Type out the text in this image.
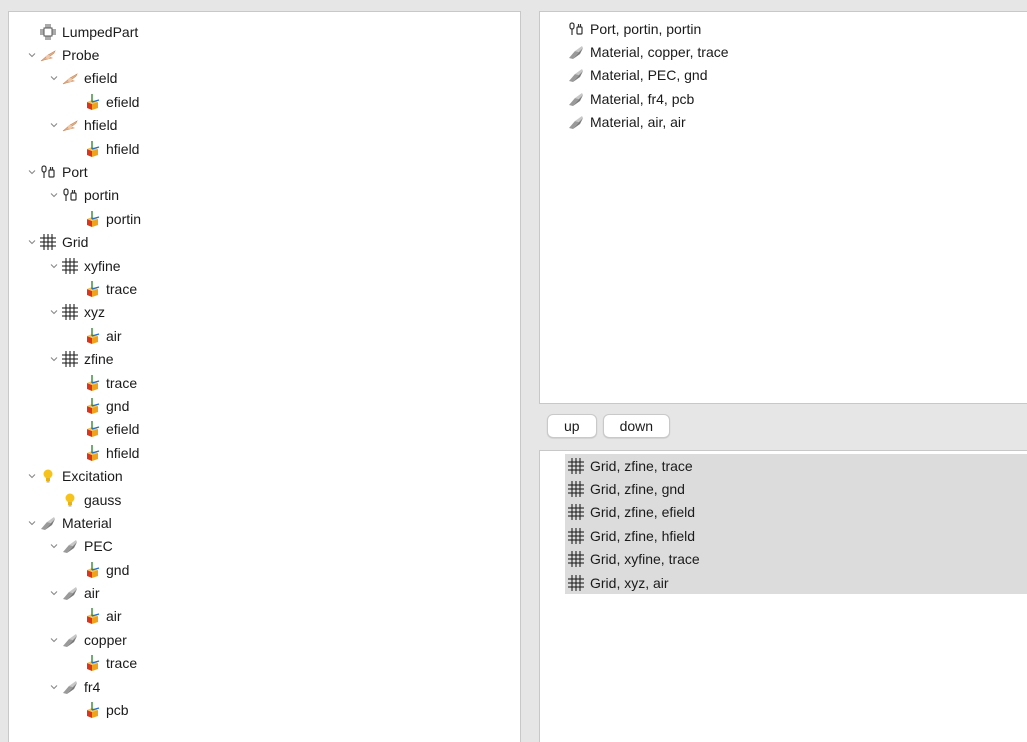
LumpedPart
Probe
efield
efield
hfield
hfield
Port
portin
portin
Grid
xyfine
trace
xyz
air
zfine
trace
gnd
efield
hfield
Excitation
gauss
Material
PEC
gnd
air
air
copper
trace
fr4
pcb
Port, portin, portin
Material, copper, trace
Material, PEC, gnd
Material, fr4, pcb
Material, air, air
up	down
Grid, zfine, trace
Grid, zfine, gnd
Grid, zfine, efield
Grid, zfine, hfield
Grid, xyfine, trace
Grid, xyz, air
